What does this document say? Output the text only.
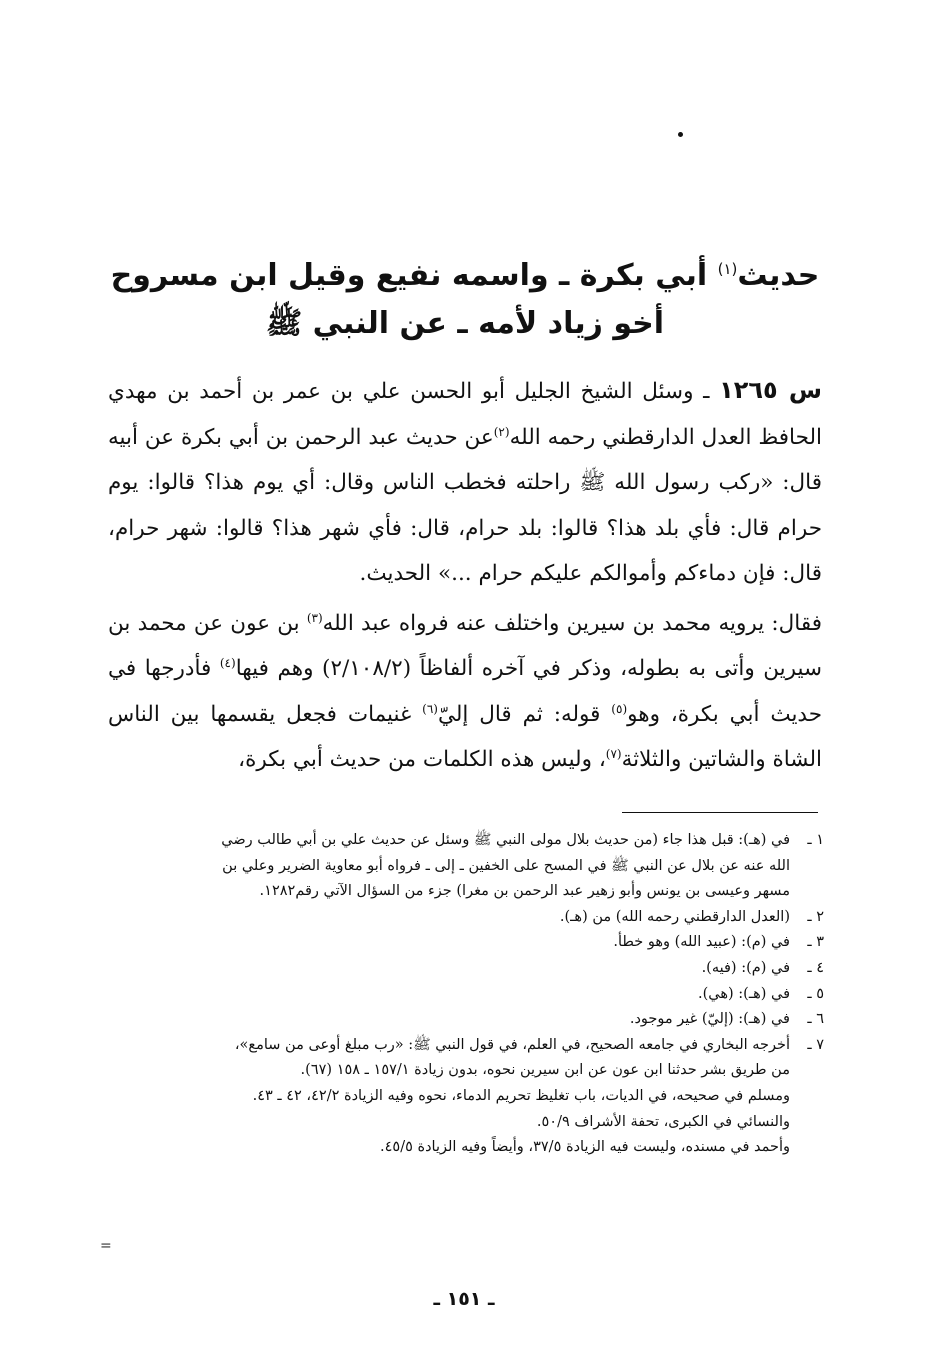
حديث$^{(١)}$ أبي بكرة ـ واسمه نفيع وقيل ابن مسروح
أخو زياد لأمه ـ عن النبي ﷺ

س ١٢٦٥ ـ وسئل الشيخ الجليل أبو الحسن علي بن عمر بن أحمد بن مهدي الحافظ العدل الدارقطني رحمه الله$^{(٢)}$عن حديث عبد الرحمن بن أبي بكرة عن أبيه قال: «ركب رسول الله ﷺ راحلته فخطب الناس وقال: أي يوم هذا؟ قالوا: يوم حرام قال: فأي بلد هذا؟ قالوا: بلد حرام، قال: فأي شهر هذا؟ قالوا: شهر حرام، قال: فإن دماءكم وأموالكم عليكم حرام ...» الحديث.

فقال: يرويه محمد بن سيرين واختلف عنه فرواه عبد الله$^{(٣)}$ بن عون عن محمد بن سيرين وأتى به بطوله، وذكر في آخره ألفاظاً (٢/١٠٨/٢) وهم فيها$^{(٤)}$ فأدرجها في حديث أبي بكرة، وهو$^{(٥)}$ قوله: ثم قال إليّ$^{(٦)}$ غنيمات فجعل يقسمها بين الناس الشاة والشاتين والثلاثة$^{(٧)}$، وليس هذه الكلمات من حديث أبي بكرة،

١ ـ
في (هـ): قبل هذا جاء (من حديث بلال مولى النبي ﷺ وسئل عن حديث علي بن أبي طالب رضي
الله عنه عن بلال عن النبي ﷺ في المسح على الخفين ـ إلى ـ فرواه أبو معاوية الضرير وعلي بن
مسهر وعيسى بن يونس وأبو زهير عبد الرحمن بن مغرا) جزء من السؤال الآتي رقم١٢٨٢.
٢ ـ
(العدل الدارقطني رحمه الله) من (هـ).
٣ ـ
في (م): (عبيد الله) وهو خطأ.
٤ ـ
في (م): (فيه).
٥ ـ
في (هـ): (هي).
٦ ـ
في (هـ): (إليّ) غير موجود.
٧ ـ
أخرجه البخاري في جامعه الصحيح، في العلم، في قول النبي ﷺ: «رب مبلغ أوعى من سامع»،
من طريق بشر حدثنا ابن عون عن ابن سيرين نحوه، بدون زيادة ١٥٧/١ ـ ١٥٨ (٦٧).
ومسلم في صحيحه، في الديات، باب تغليظ تحريم الدماء، نحوه وفيه الزيادة ٤٢/٢، ٤٢ ـ ٤٣.
والنسائي في الكبرى، تحفة الأشراف ٥٠/٩.
وأحمد في مسنده، وليست فيه الزيادة ٣٧/٥، وأيضاً وفيه الزيادة ٤٥/٥.
=
ـ ١٥١ ـ
